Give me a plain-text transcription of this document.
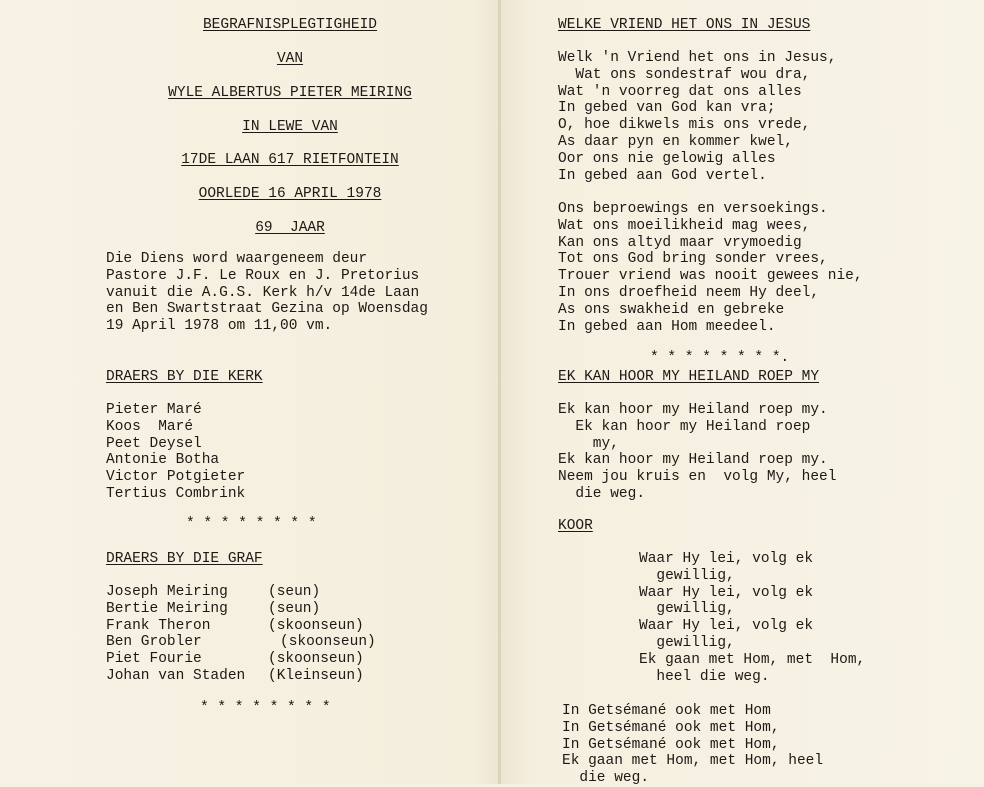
BEGRAFNISPLEGTIGHEID
VAN
WYLE ALBERTUS PIETER MEIRING
IN LEWE VAN
17DE LAAN 617 RIETFONTEIN
OORLEDE 16 APRIL 1978
69  JAAR
Die Diens word waargeneem deur
Pastore J.F. Le Roux en J. Pretorius
vanuit die A.G.S. Kerk h/v 14de Laan
en Ben Swartstraat Gezina op Woensdag
19 April 1978 om 11,00 vm.
DRAERS BY DIE KERK
Pieter Maré
Koos  Maré
Peet Deysel
Antonie Botha
Victor Potgieter
Tertius Combrink
* * * * * * * *
DRAERS BY DIE GRAF
Joseph Meiring
Bertie Meiring
Frank Theron
Ben Grobler
Piet Fourie
Johan van Staden
(seun)
(seun)
(skoonseun)
(skoonseun)
(skoonseun)
(Kleinseun)
* * * * * * * *
WELKE VRIEND HET ONS IN JESUS
Welk 'n Vriend het ons in Jesus,
Wat ons sondestraf wou dra,
Wat 'n voorreg dat ons alles
In gebed van God kan vra;
O, hoe dikwels mis ons vrede,
As daar pyn en kommer kwel,
Oor ons nie gelowig alles
In gebed aan God vertel.
Ons beproewings en versoekings.
Wat ons moeilikheid mag wees,
Kan ons altyd maar vrymoedig
Tot ons God bring sonder vrees,
Trouer vriend was nooit gewees nie,
In ons droefheid neem Hy deel,
As ons swakheid en gebreke
In gebed aan Hom meedeel.
* * * * * * * *.
EK KAN HOOR MY HEILAND ROEP MY
Ek kan hoor my Heiland roep my.
Ek kan hoor my Heiland roep
my,
Ek kan hoor my Heiland roep my.
Neem jou kruis en  volg My, heel
die weg.
KOOR
Waar Hy lei, volg ek
gewillig,
Waar Hy lei, volg ek
gewillig,
Waar Hy lei, volg ek
gewillig,
Ek gaan met Hom, met  Hom,
heel die weg.
In Getsémané ook met Hom
In Getsémané ook met Hom,
In Getsémané ook met Hom,
Ek gaan met Hom, met Hom, heel
die weg.
